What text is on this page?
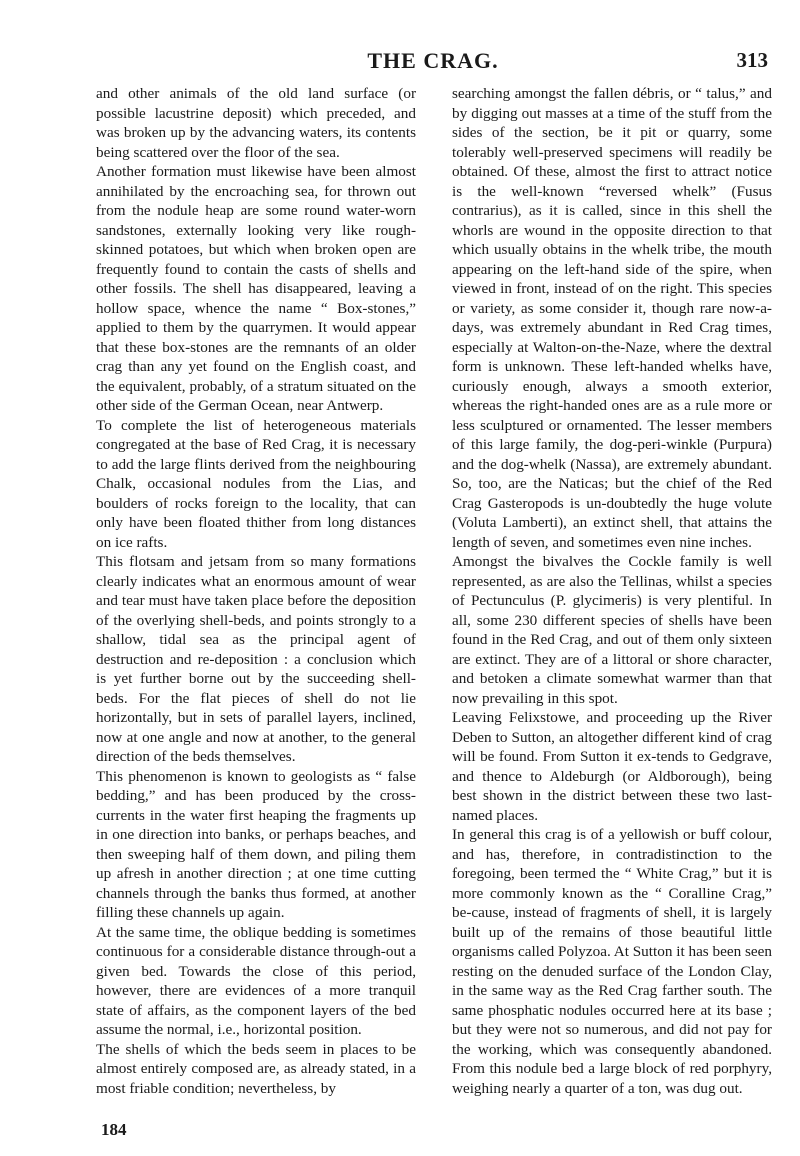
THE CRAG.	313

and other animals of the old land surface (or possible lacustrine deposit) which preceded, and was broken up by the advancing waters, its contents being scattered over the floor of the sea.

Another formation must likewise have been almost annihilated by the encroaching sea, for thrown out from the nodule heap are some round water-worn sandstones, externally looking very like rough-skinned potatoes, but which when broken open are frequently found to contain the casts of shells and other fossils. The shell has disappeared, leaving a hollow space, whence the name “ Box-stones,” applied to them by the quarrymen. It would appear that these box-stones are the remnants of an older crag than any yet found on the English coast, and the equivalent, probably, of a stratum situated on the other side of the German Ocean, near Antwerp.

To complete the list of heterogeneous materials congregated at the base of Red Crag, it is necessary to add the large flints derived from the neighbouring Chalk, occasional nodules from the Lias, and boulders of rocks foreign to the locality, that can only have been floated thither from long distances on ice rafts.

This flotsam and jetsam from so many formations clearly indicates what an enormous amount of wear and tear must have taken place before the deposition of the overlying shell-beds, and points strongly to a shallow, tidal sea as the principal agent of destruction and re-deposition : a conclusion which is yet further borne out by the succeeding shell-beds. For the flat pieces of shell do not lie horizontally, but in sets of parallel layers, inclined, now at one angle and now at another, to the general direction of the beds themselves.

This phenomenon is known to geologists as “ false bedding,” and has been produced by the cross-currents in the water first heaping the fragments up in one direction into banks, or perhaps beaches, and then sweeping half of them down, and piling them up afresh in another direction ; at one time cutting channels through the banks thus formed, at another filling these channels up again.

At the same time, the oblique bedding is sometimes continuous for a considerable distance through-out a given bed. Towards the close of this period, however, there are evidences of a more tranquil state of affairs, as the component layers of the bed assume the normal, i.e., horizontal position.

The shells of which the beds seem in places to be almost entirely composed are, as already stated, in a most friable condition; nevertheless, by

searching amongst the fallen débris, or “ talus,” and by digging out masses at a time of the stuff from the sides of the section, be it pit or quarry, some tolerably well-preserved specimens will readily be obtained. Of these, almost the first to attract notice is the well-known “reversed whelk” (Fusus contrarius), as it is called, since in this shell the whorls are wound in the opposite direction to that which usually obtains in the whelk tribe, the mouth appearing on the left-hand side of the spire, when viewed in front, instead of on the right. This species or variety, as some consider it, though rare now-a-days, was extremely abundant in Red Crag times, especially at Walton-on-the-Naze, where the dextral form is unknown. These left-handed whelks have, curiously enough, always a smooth exterior, whereas the right-handed ones are as a rule more or less sculptured or ornamented. The lesser members of this large family, the dog-peri-winkle (Purpura) and the dog-whelk (Nassa), are extremely abundant. So, too, are the Naticas; but the chief of the Red Crag Gasteropods is un-doubtedly the huge volute (Voluta Lamberti), an extinct shell, that attains the length of seven, and sometimes even nine inches.

Amongst the bivalves the Cockle family is well represented, as are also the Tellinas, whilst a species of Pectunculus (P. glycimeris) is very plentiful. In all, some 230 different species of shells have been found in the Red Crag, and out of them only sixteen are extinct. They are of a littoral or shore character, and betoken a climate somewhat warmer than that now prevailing in this spot.

Leaving Felixstowe, and proceeding up the River Deben to Sutton, an altogether different kind of crag will be found. From Sutton it ex-tends to Gedgrave, and thence to Aldeburgh (or Aldborough), being best shown in the district between these two last-named places.

In general this crag is of a yellowish or buff colour, and has, therefore, in contradistinction to the foregoing, been termed the “ White Crag,” but it is more commonly known as the “ Coralline Crag,” be-cause, instead of fragments of shell, it is largely built up of the remains of those beautiful little organisms called Polyzoa. At Sutton it has been seen resting on the denuded surface of the London Clay, in the same way as the Red Crag farther south. The same phosphatic nodules occurred here at its base ; but they were not so numerous, and did not pay for the working, which was consequently abandoned. From this nodule bed a large block of red porphyry, weighing nearly a quarter of a ton, was dug out.

184
